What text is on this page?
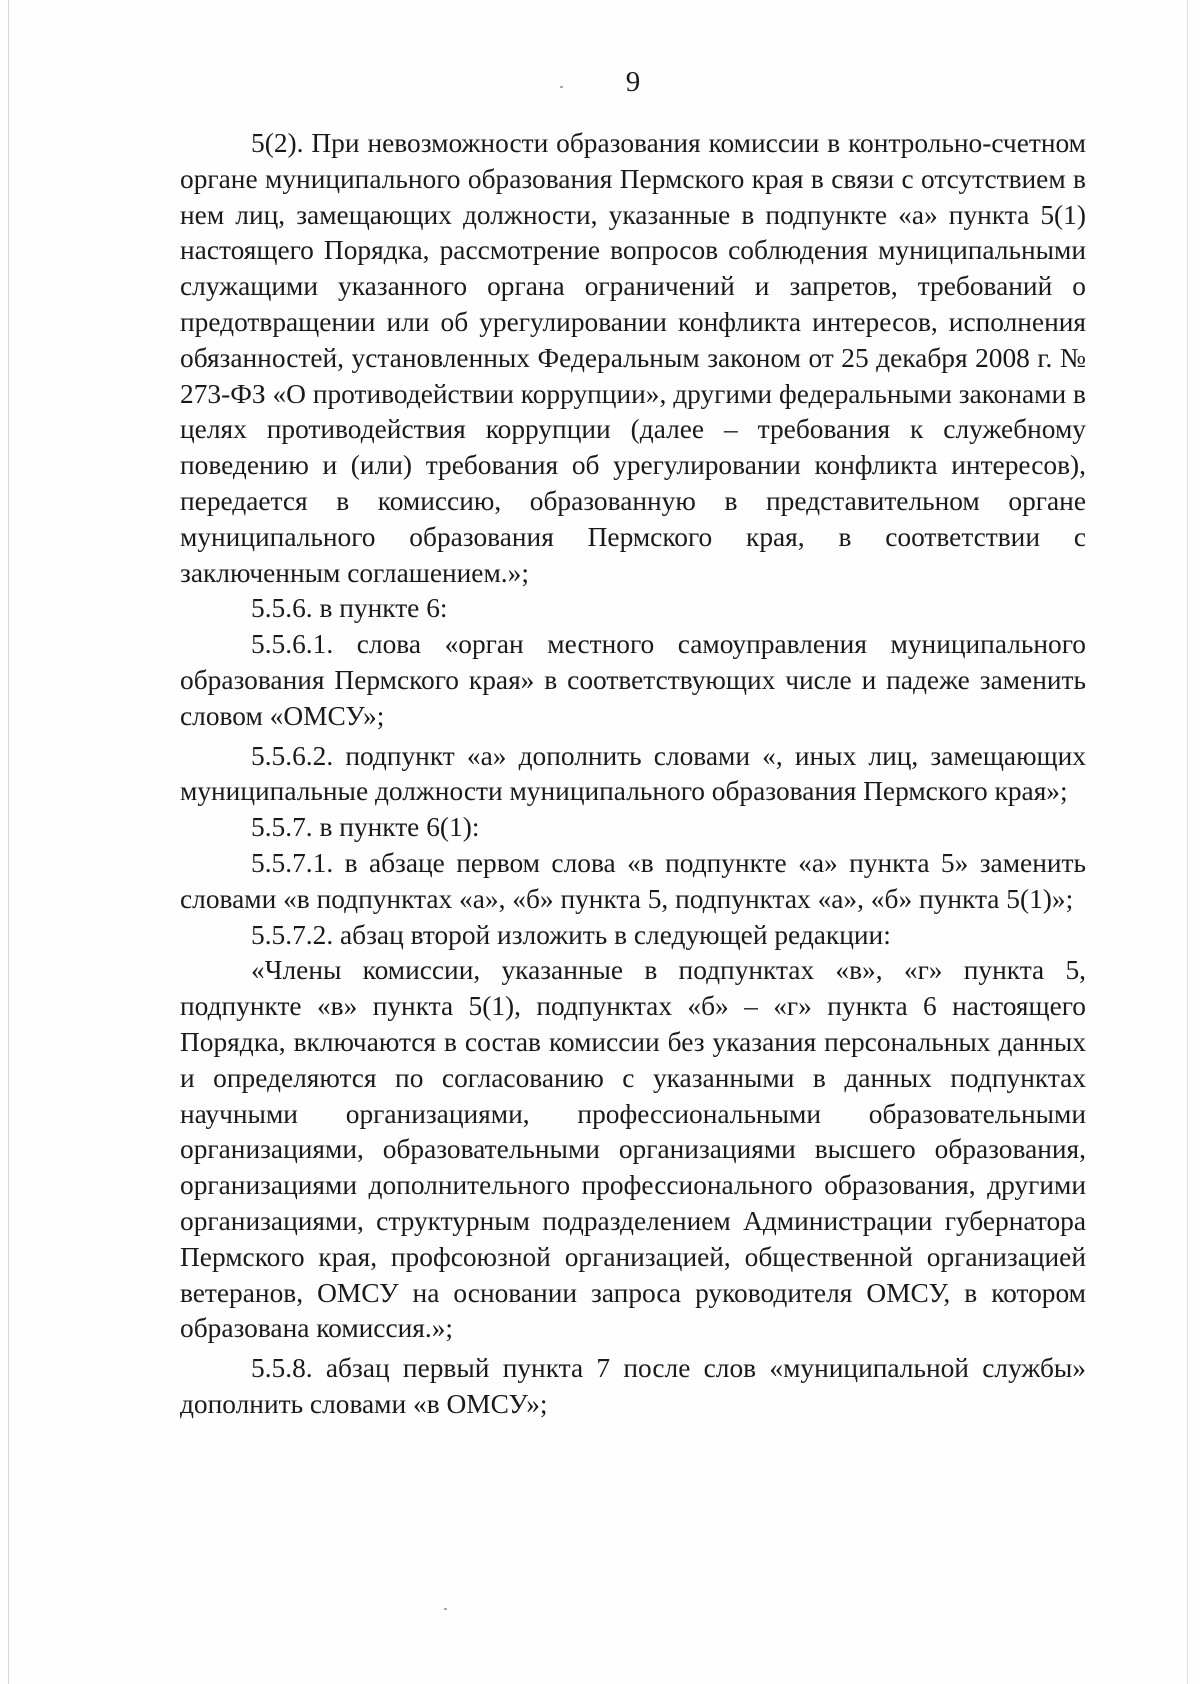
9

5(2). При невозможности образования комиссии в контрольно-счетном органе муниципального образования Пермского края в связи с отсутствием в нем лиц, замещающих должности, указанные в подпункте «а» пункта 5(1) настоящего Порядка, рассмотрение вопросов соблюдения муниципальными служащими указанного органа ограничений и запретов, требований о предотвращении или об урегулировании конфликта интересов, исполнения обязанностей, установленных Федеральным законом от 25 декабря 2008 г. № 273-ФЗ «О противодействии коррупции», другими федеральными законами в целях противодействия коррупции (далее – требования к служебному поведению и (или) требования об урегулировании конфликта интересов), передается в комиссию, образованную в представительном органе муниципального образования Пермского края, в соответствии с заключенным соглашением.»;

5.5.6. в пункте 6:

5.5.6.1. слова «орган местного самоуправления муниципального образования Пермского края» в соответствующих числе и падеже заменить словом «ОМСУ»;

5.5.6.2. подпункт «а» дополнить словами «, иных лиц, замещающих муниципальные должности муниципального образования Пермского края»;

5.5.7. в пункте 6(1):

5.5.7.1. в абзаце первом слова «в подпункте «а» пункта 5» заменить словами «в подпунктах «а», «б» пункта 5, подпунктах «а», «б» пункта 5(1)»;

5.5.7.2. абзац второй изложить в следующей редакции:

«Члены комиссии, указанные в подпунктах «в», «г» пункта 5, подпункте «в» пункта 5(1), подпунктах «б» – «г» пункта 6 настоящего Порядка, включаются в состав комиссии без указания персональных данных и определяются по согласованию с указанными в данных подпунктах научными организациями, профессиональными образовательными организациями, образовательными организациями высшего образования, организациями дополнительного профессионального образования, другими организациями, структурным подразделением Администрации губернатора Пермского края, профсоюзной организацией, общественной организацией ветеранов, ОМСУ на основании запроса руководителя ОМСУ, в котором образована комиссия.»;

5.5.8. абзац первый пункта 7 после слов «муниципальной службы» дополнить словами «в ОМСУ»;
